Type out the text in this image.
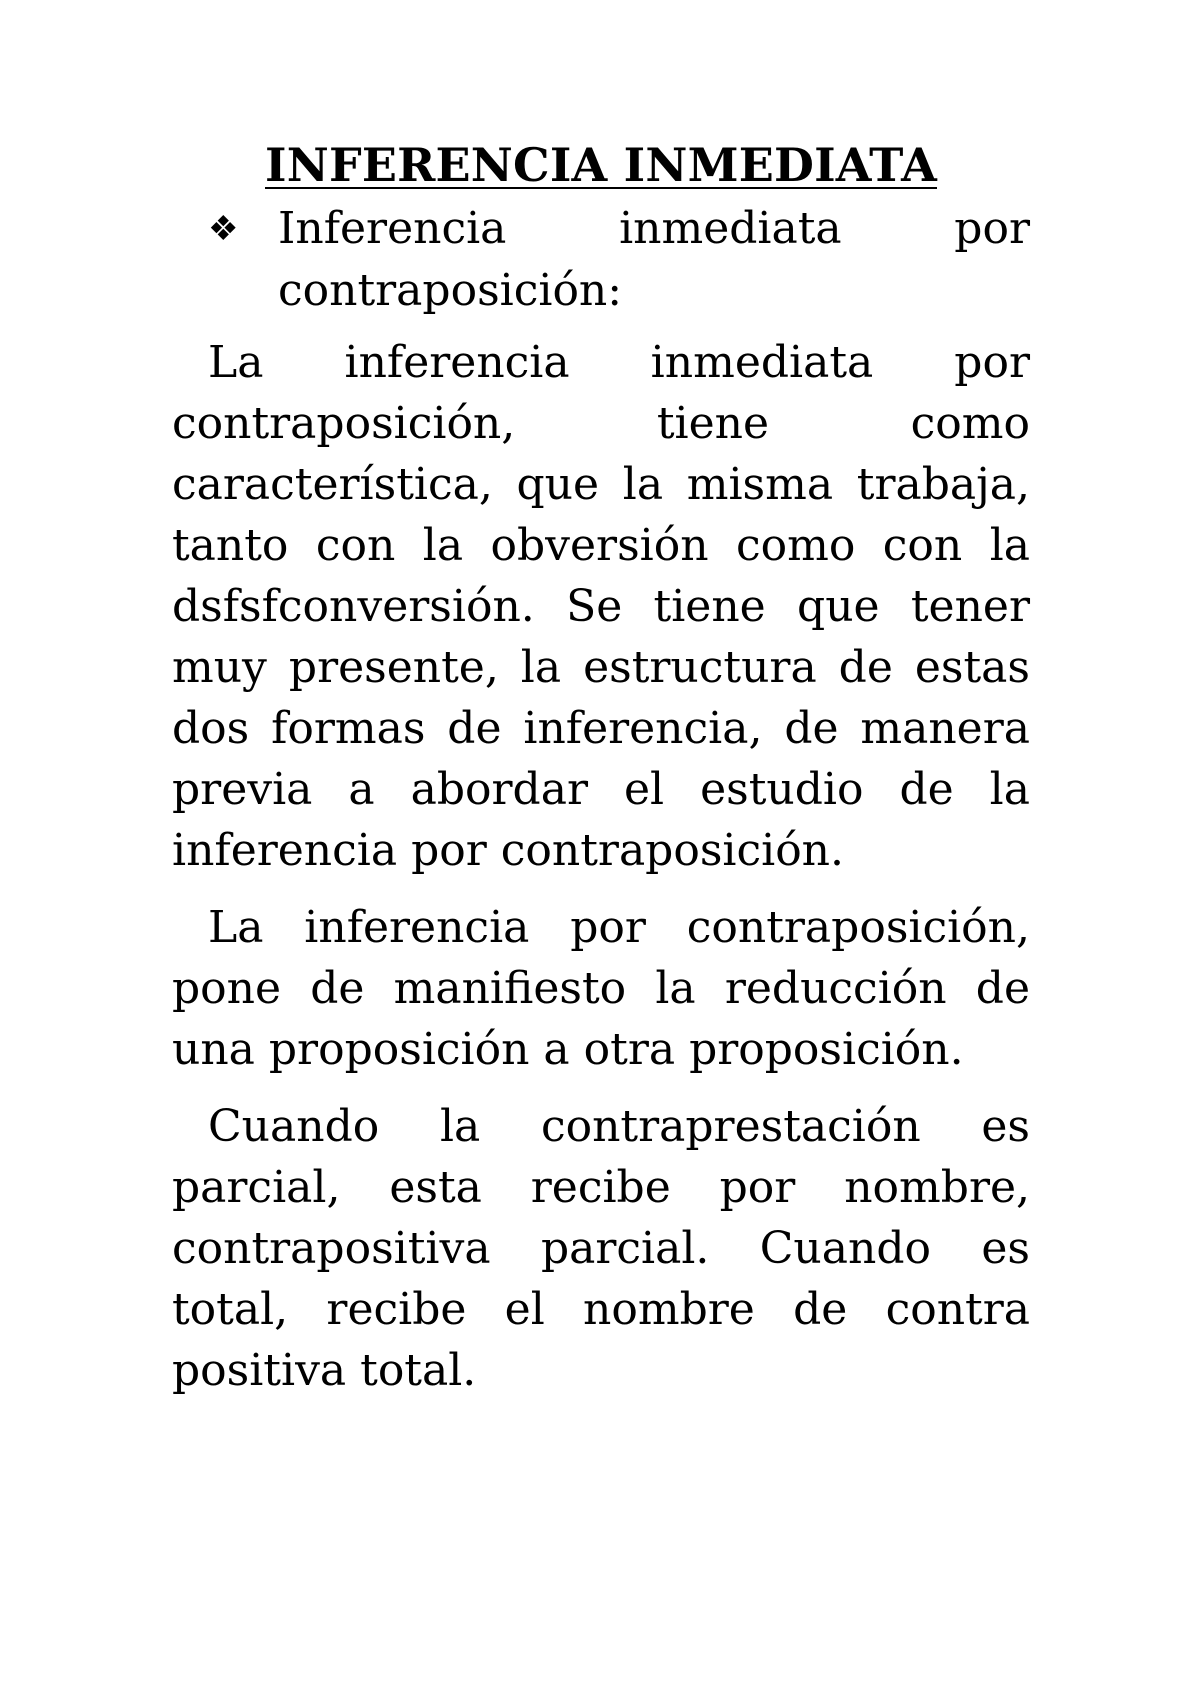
INFERENCIA INMEDIATA
❖ Inferencia inmediata por contraposición:

La inferencia inmediata por contraposición, tiene como característica, que la misma trabaja, tanto con la obversión como con la dsfsfconversión. Se tiene que tener muy presente, la estructura de estas dos formas de inferencia, de manera previa a abordar el estudio de la inferencia por contraposición.

La inferencia por contraposición, pone de manifiesto la reducción de una proposición a otra proposición.

Cuando la contraprestación es parcial, esta recibe por nombre, contrapositiva parcial. Cuando es total, recibe el nombre de contra positiva total.
